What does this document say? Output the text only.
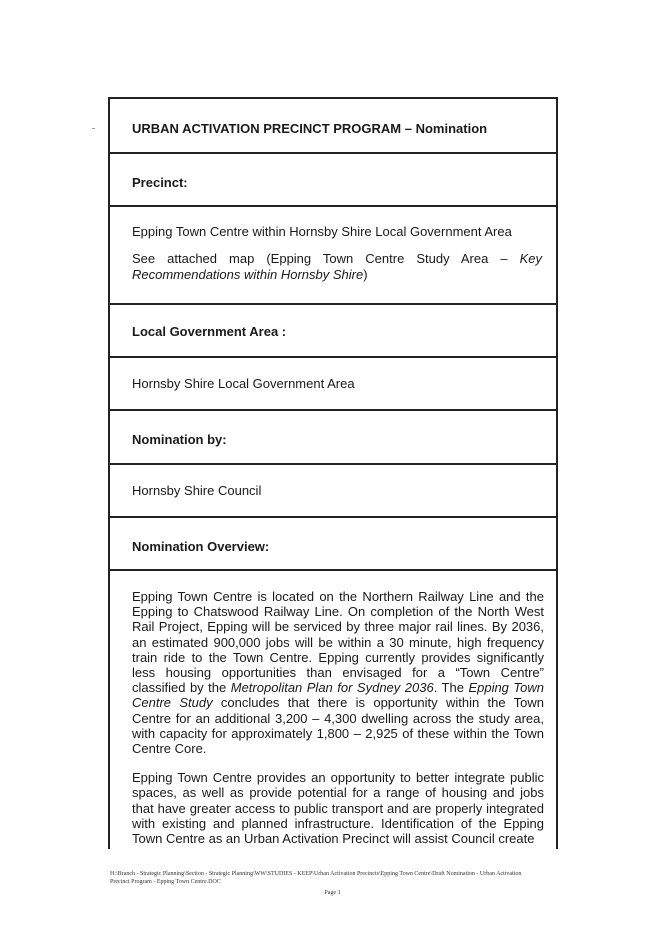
URBAN ACTIVATION PRECINCT PROGRAM – Nomination
Precinct:

Epping Town Centre within Hornsby Shire Local Government Area

See attached map (Epping Town Centre Study Area – Key Recommendations within Hornsby Shire)

Local Government Area :
Hornsby Shire Local Government Area
Nomination by:
Hornsby Shire Council
Nomination Overview:

Epping Town Centre is located on the Northern Railway Line and the Epping to Chatswood Railway Line. On completion of the North West Rail Project, Epping will be serviced by three major rail lines. By 2036, an estimated 900,000 jobs will be within a 30 minute, high frequency train ride to the Town Centre. Epping currently provides significantly less housing opportunities than envisaged for a “Town Centre” classified by the Metropolitan Plan for Sydney 2036. The Epping Town Centre Study concludes that there is opportunity within the Town Centre for an additional 3,200 – 4,300 dwelling across the study area, with capacity for approximately 1,800 – 2,925 of these within the Town Centre Core.

Epping Town Centre provides an opportunity to better integrate public spaces, as well as provide potential for a range of housing and jobs that have greater access to public transport and are properly integrated with existing and planned infrastructure. Identification of the Epping Town Centre as an Urban Activation Precinct will assist Council create

H:\Branch - Strategic Planning\Section - Strategic Planning\WW\STUDIES - KEEP\Urban Activation Precincts\Epping Town Centre\Draft Nomination - Urban Activation
Precinct Program - Epping Town Centre.DOC
Page 1
